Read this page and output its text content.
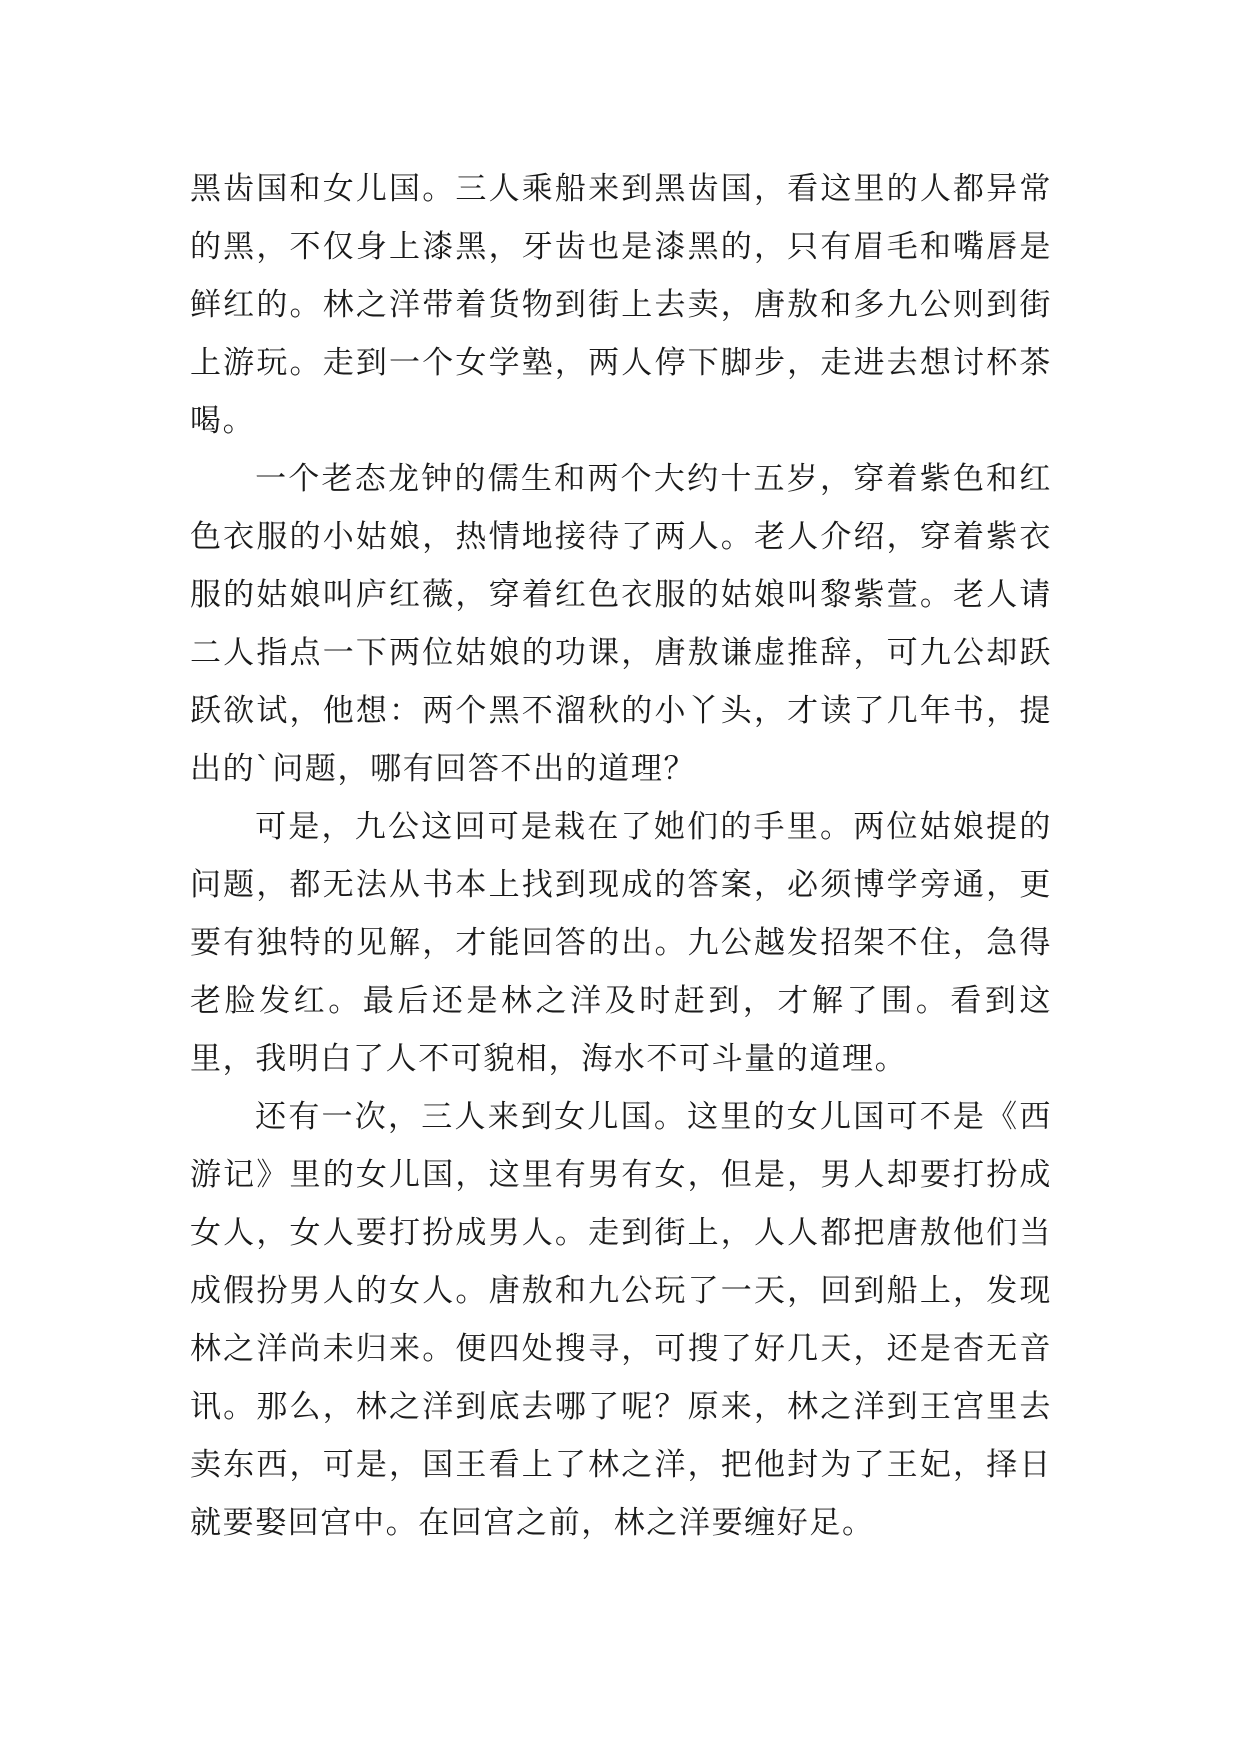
黑齿国和女儿国。三人乘船来到黑齿国，看这里的人都异常的黑，不仅身上漆黑，牙齿也是漆黑的，只有眉毛和嘴唇是鲜红的。林之洋带着货物到街上去卖，唐敖和多九公则到街上游玩。走到一个女学塾，两人停下脚步，走进去想讨杯茶喝。

一个老态龙钟的儒生和两个大约十五岁，穿着紫色和红色衣服的小姑娘，热情地接待了两人。老人介绍，穿着紫衣服的姑娘叫庐红薇，穿着红色衣服的姑娘叫黎紫萱。老人请二人指点一下两位姑娘的功课，唐敖谦虚推辞，可九公却跃跃欲试，他想：两个黑不溜秋的小丫头，才读了几年书，提出的`问题，哪有回答不出的道理？

可是，九公这回可是栽在了她们的手里。两位姑娘提的问题，都无法从书本上找到现成的答案，必须博学旁通，更要有独特的见解，才能回答的出。九公越发招架不住，急得老脸发红。最后还是林之洋及时赶到，才解了围。看到这里，我明白了人不可貌相，海水不可斗量的道理。

还有一次，三人来到女儿国。这里的女儿国可不是《西游记》里的女儿国，这里有男有女，但是，男人却要打扮成女人，女人要打扮成男人。走到街上，人人都把唐敖他们当成假扮男人的女人。唐敖和九公玩了一天，回到船上，发现林之洋尚未归来。便四处搜寻，可搜了好几天，还是杳无音讯。那么，林之洋到底去哪了呢？原来，林之洋到王宫里去卖东西，可是，国王看上了林之洋，把他封为了王妃，择日就要娶回宫中。在回宫之前，林之洋要缠好足。
